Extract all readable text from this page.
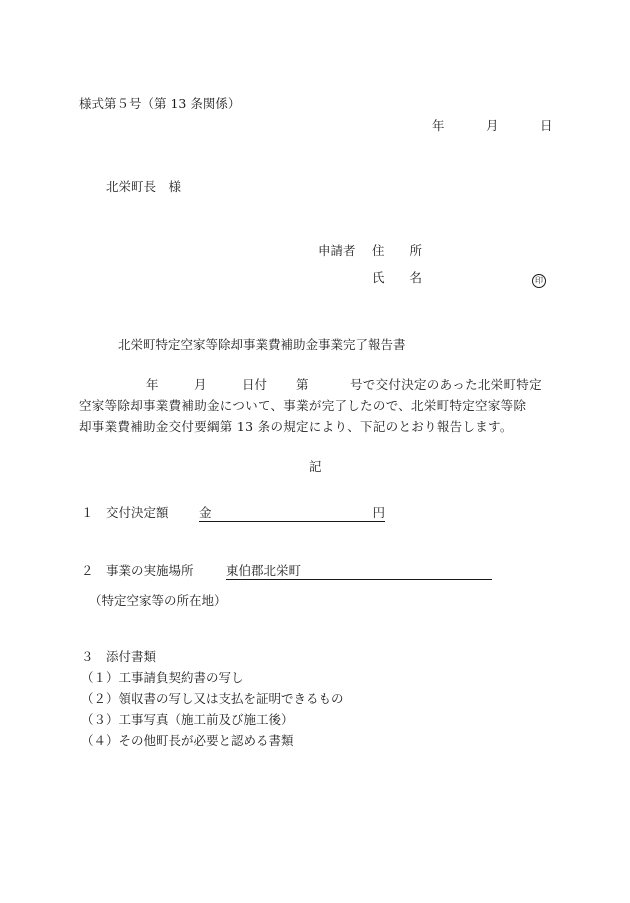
様式第５号（第 13 条関係）
年	月	日
北栄町長　様
申請者 住　　所
氏　　名	印
北栄町特定空家等除却事業費補助金事業完了報告書
年	月	日付 第	号で交付決定のあった北栄町特定
空家等除却事業費補助金について、事業が完了したので、北栄町特定空家等除
却事業費補助金交付要綱第 13 条の規定により、下記のとおり報告します。
記
１　交付決定額 金	円
２　事業の実施場所	東伯郡北栄町
（特定空家等の所在地）
３　添付書類
（１）工事請負契約書の写し
（２）領収書の写し又は支払を証明できるもの
（３）工事写真（施工前及び施工後）
（４）その他町長が必要と認める書類
